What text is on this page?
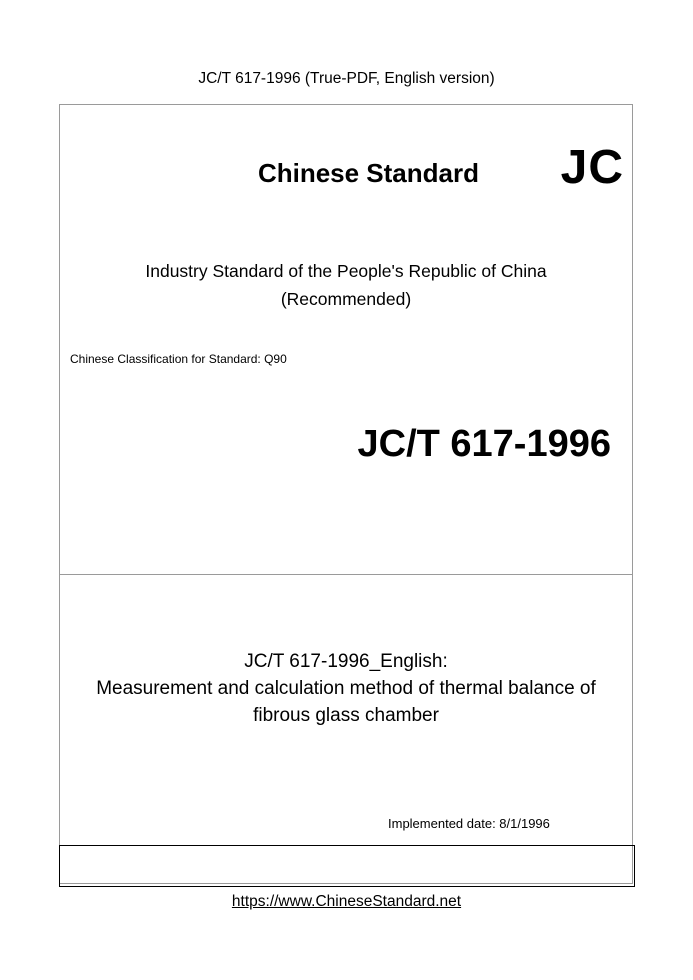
JC/T 617-1996 (True-PDF, English version)
Chinese Standard	JC
Industry Standard of the People's Republic of China
(Recommended)
Chinese Classification for Standard: Q90
JC/T 617-1996
JC/T 617-1996_English:
Measurement and calculation method of thermal balance of
fibrous glass chamber
Implemented date: 8/1/1996
https://www.ChineseStandard.net
